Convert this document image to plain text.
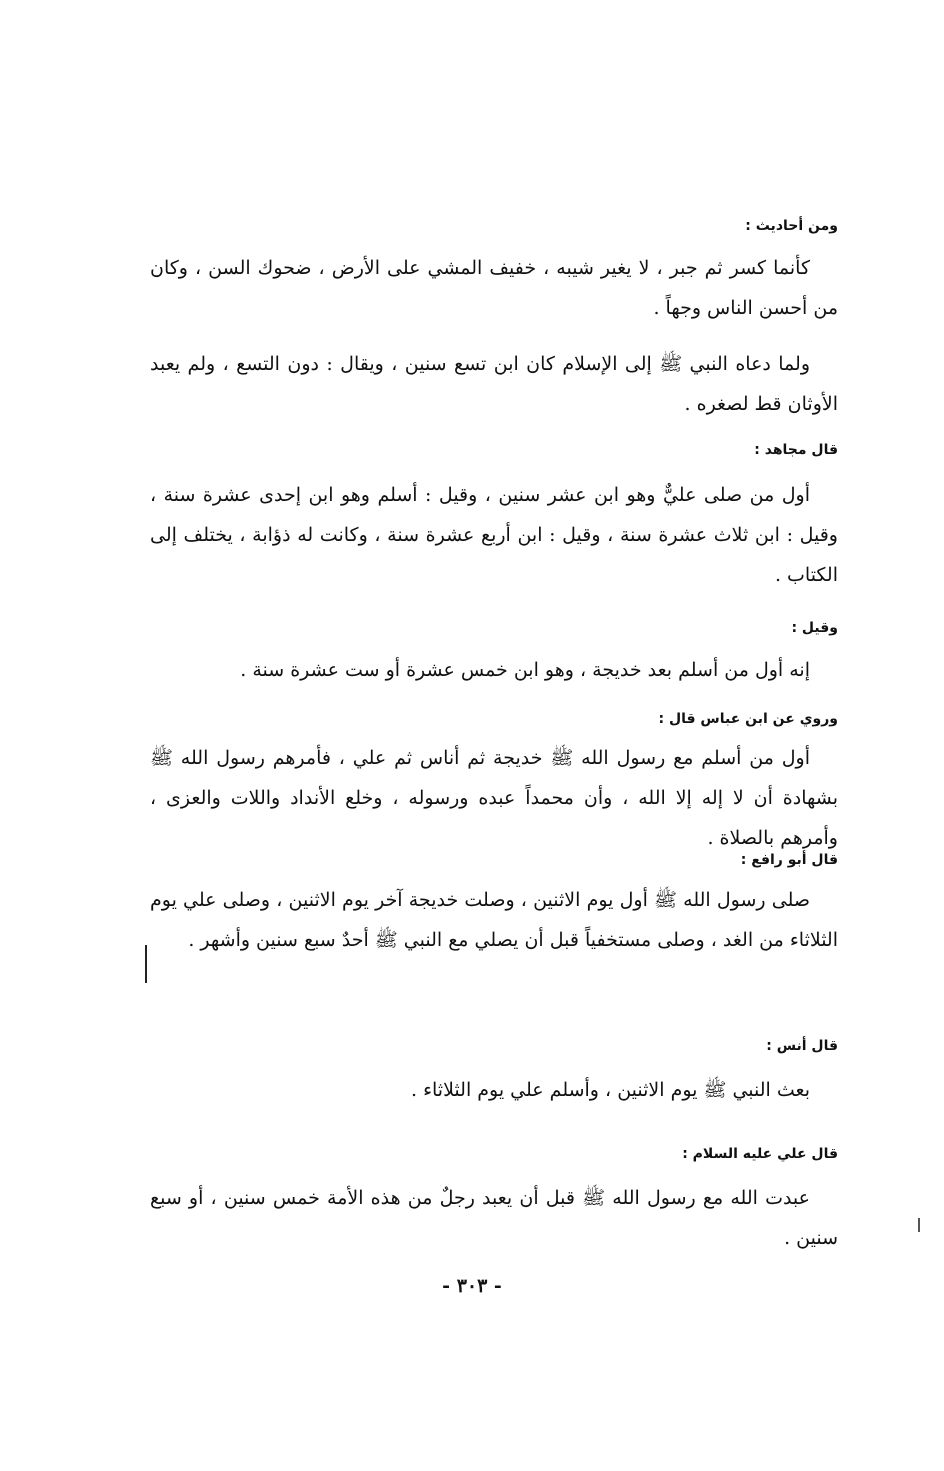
ومن أحاديث :
كأنما كسر ثم جبر ، لا يغير شيبه ، خفيف المشي على الأرض ، ضحوك السن ، وكان من أحسن الناس وجهاً .
ولما دعاه النبي ﷺ إلى الإسلام كان ابن تسع سنين ، ويقال : دون التسع ، ولم يعبد الأوثان قط لصغره .
قال مجاهد :
أول من صلى عليٌّ وهو ابن عشر سنين ، وقيل : أسلم وهو ابن إحدى عشرة سنة ، وقيل : ابن ثلاث عشرة سنة ، وقيل : ابن أربع عشرة سنة ، وكانت له ذؤابة ، يختلف إلى الكتاب .
وقيل :
إنه أول من أسلم بعد خديجة ، وهو ابن خمس عشرة أو ست عشرة سنة .
وروي عن ابن عباس قال :
أول من أسلم مع رسول الله ﷺ خديجة ثم أناس ثم علي ، فأمرهم رسول الله ﷺ بشهادة أن لا إله إلا الله ، وأن محمداً عبده ورسوله ، وخلع الأنداد واللات والعزى ، وأمرهم بالصلاة .
قال أبو رافع :
صلى رسول الله ﷺ أول يوم الاثنين ، وصلت خديجة آخر يوم الاثنين ، وصلى علي يوم الثلاثاء من الغد ، وصلى مستخفياً قبل أن يصلي مع النبي ﷺ أحدٌ سبع سنين وأشهر .
قال أنس :
بعث النبي ﷺ يوم الاثنين ، وأسلم علي يوم الثلاثاء .
قال علي عليه السلام :
عبدت الله مع رسول الله ﷺ قبل أن يعبد رجلٌ من هذه الأمة خمس سنين ، أو سبع سنين .
- ٣٠٣ -
